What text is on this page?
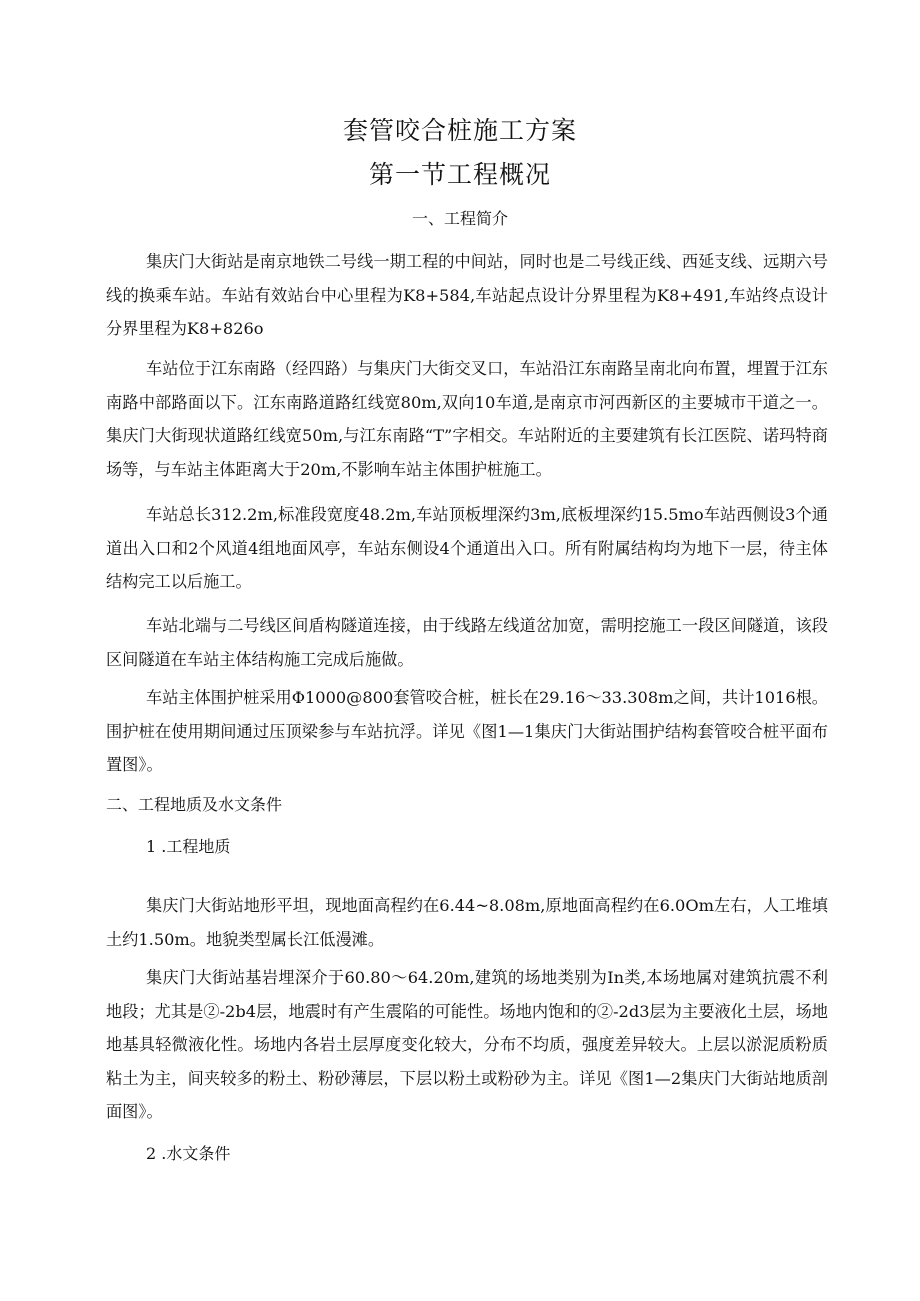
套管咬合桩施工方案
第一节工程概况
一、工程简介

集庆门大街站是南京地铁二号线一期工程的中间站，同时也是二号线正线、西延支线、远期六号线的换乘车站。车站有效站台中心里程为K8+584,车站起点设计分界里程为K8+491,车站终点设计分界里程为K8+826o

车站位于江东南路（经四路）与集庆门大街交叉口，车站沿江东南路呈南北向布置，埋置于江东南路中部路面以下。江东南路道路红线宽80m,双向10车道,是南京市河西新区的主要城市干道之一。集庆门大街现状道路红线宽50m,与江东南路“T”字相交。车站附近的主要建筑有长江医院、诺玛特商场等，与车站主体距离大于20m,不影响车站主体围护桩施工。

车站总长312.2m,标准段宽度48.2m,车站顶板埋深约3m,底板埋深约15.5mo车站西侧设3个通道出入口和2个风道4组地面风亭，车站东侧设4个通道出入口。所有附属结构均为地下一层，待主体结构完工以后施工。

车站北端与二号线区间盾构隧道连接，由于线路左线道岔加宽，需明挖施工一段区间隧道，该段区间隧道在车站主体结构施工完成后施做。

车站主体围护桩采用Φ1000@800套管咬合桩，桩长在29.16～33.308m之间，共计1016根。围护桩在使用期间通过压顶梁参与车站抗浮。详见《图1—1集庆门大街站围护结构套管咬合桩平面布置图》。

二、工程地质及水文条件
1 .工程地质

集庆门大街站地形平坦，现地面高程约在6.44~8.08m,原地面高程约在6.0Om左右，人工堆填土约1.50m。地貌类型属长江低漫滩。

集庆门大街站基岩埋深介于60.80～64.20m,建筑的场地类别为In类,本场地属对建筑抗震不利地段；尤其是②-2b4层，地震时有产生震陷的可能性。场地内饱和的②-2d3层为主要液化土层，场地地基具轻微液化性。场地内各岩土层厚度变化较大，分布不均质，强度差异较大。上层以淤泥质粉质粘土为主，间夹较多的粉土、粉砂薄层，下层以粉土或粉砂为主。详见《图1—2集庆门大街站地质剖面图》。

2 .水文条件
